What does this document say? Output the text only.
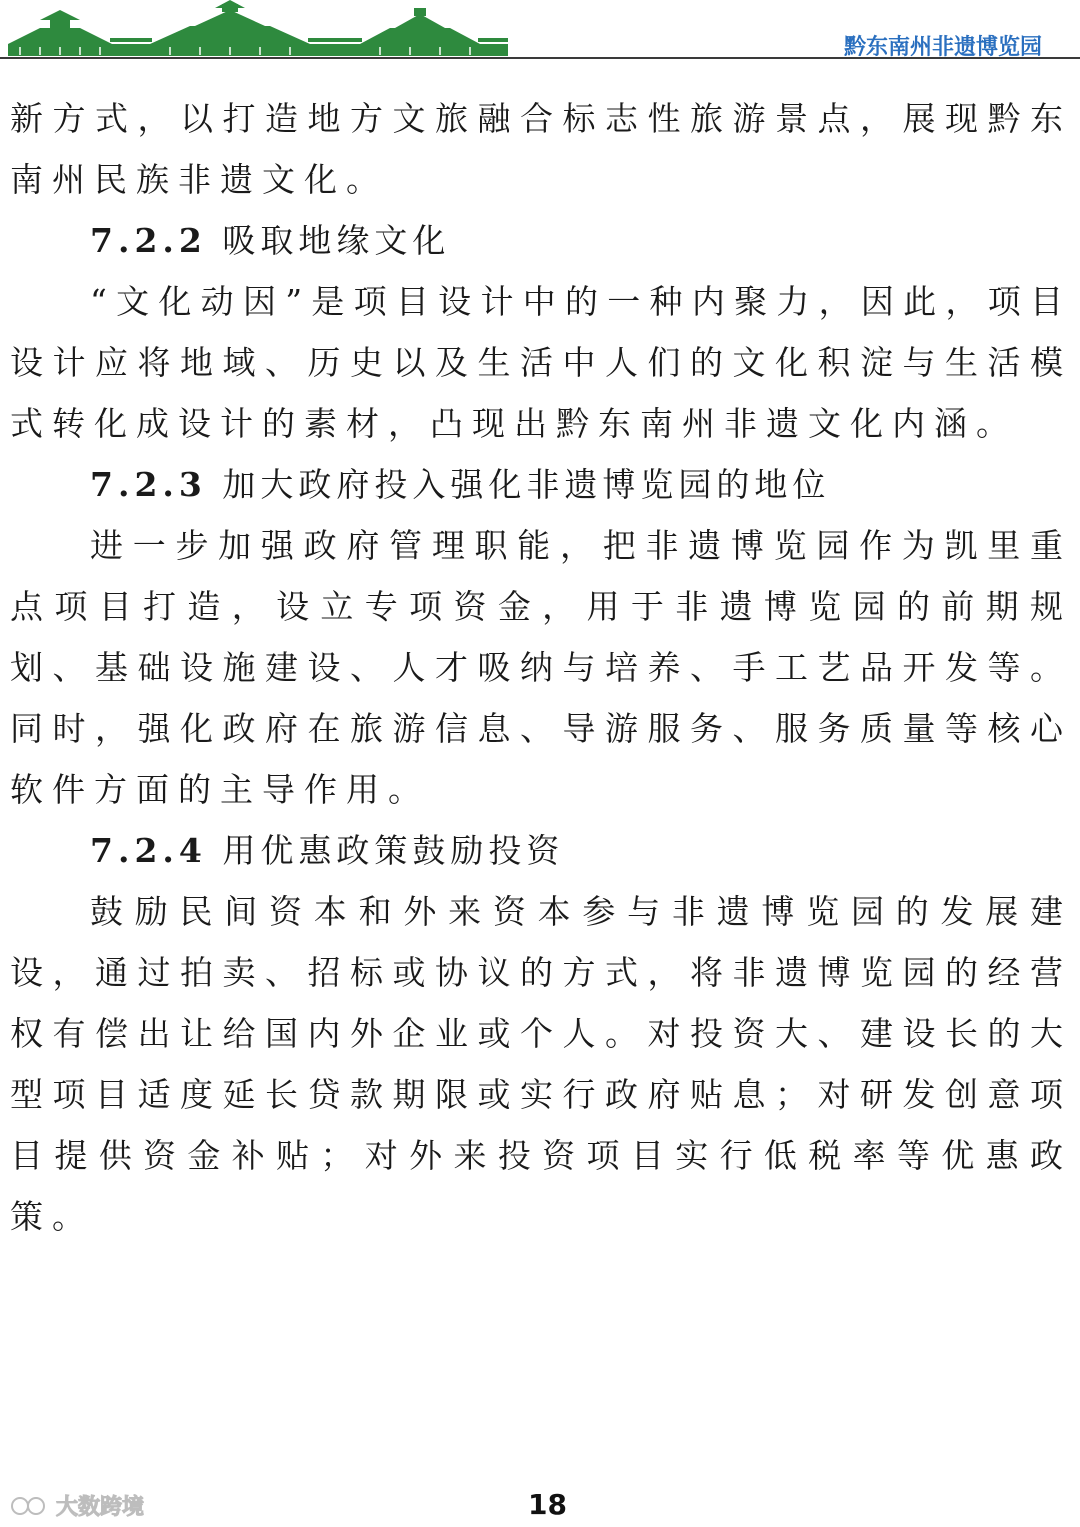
黔东南州非遗博览园

新方式，以打造地方文旅融合标志性旅游景点，展现黔东南州民族非遗文化。

7.2.2 吸取地缘文化

“文化动因”是项目设计中的一种内聚力，因此，项目设计应将地域、历史以及生活中人们的文化积淀与生活模式转化成设计的素材，凸现出黔东南州非遗文化内涵。

7.2.3 加大政府投入强化非遗博览园的地位

进一步加强政府管理职能，把非遗博览园作为凯里重点项目打造，设立专项资金，用于非遗博览园的前期规划、基础设施建设、人才吸纳与培养、手工艺品开发等。同时，强化政府在旅游信息、导游服务、服务质量等核心软件方面的主导作用。

7.2.4 用优惠政策鼓励投资

鼓励民间资本和外来资本参与非遗博览园的发展建设，通过拍卖、招标或协议的方式，将非遗博览园的经营权有偿出让给国内外企业或个人。对投资大、建设长的大型项目适度延长贷款期限或实行政府贴息；对研发创意项目提供资金补贴；对外来投资项目实行低税率等优惠政策。

大数跨境	18
